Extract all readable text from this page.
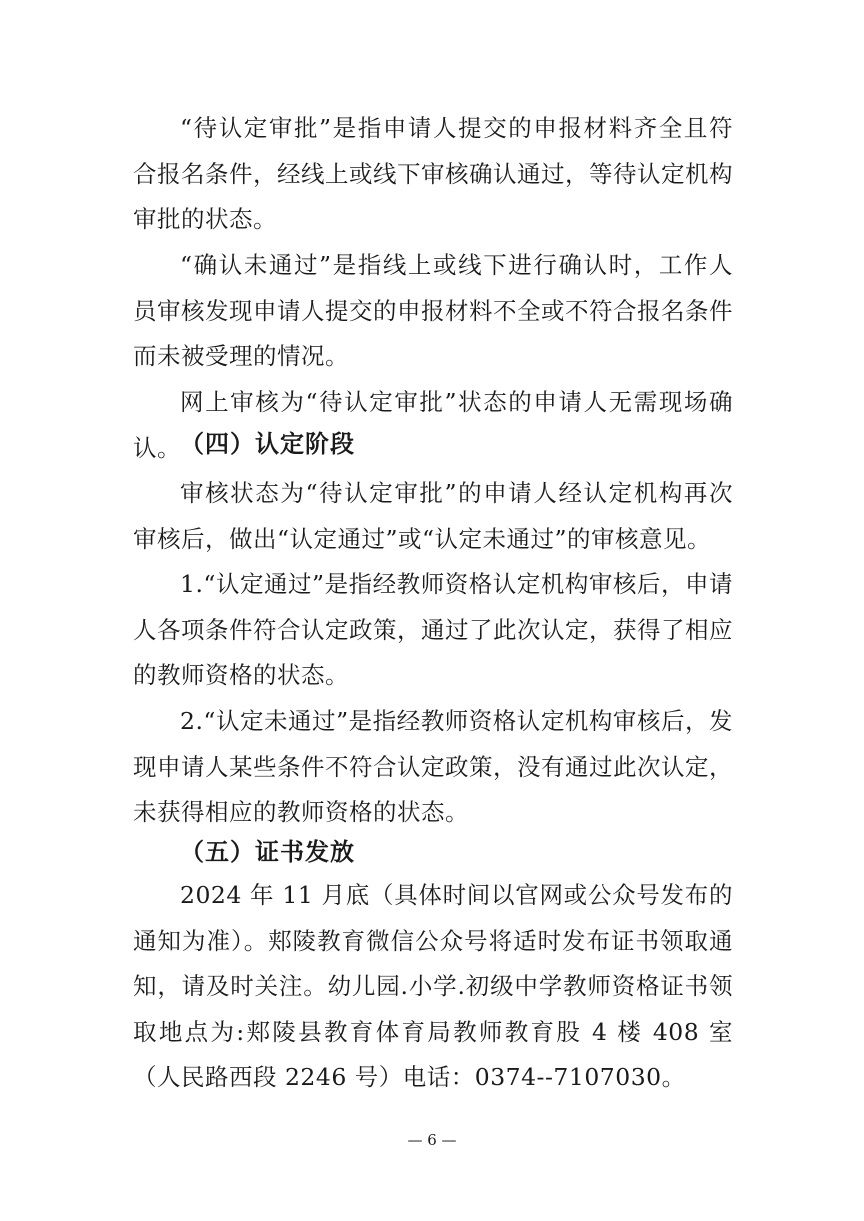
“待认定审批”是指申请人提交的申报材料齐全且符合报名条件，经线上或线下审核确认通过，等待认定机构审批的状态。

“确认未通过”是指线上或线下进行确认时，工作人员审核发现申请人提交的申报材料不全或不符合报名条件而未被受理的情况。

网上审核为“待认定审批”状态的申请人无需现场确认。 （四）认定阶段

审核状态为“待认定审批”的申请人经认定机构再次审核后，做出“认定通过”或“认定未通过”的审核意见。

1.“认定通过”是指经教师资格认定机构审核后，申请人各项条件符合认定政策，通过了此次认定，获得了相应的教师资格的状态。

2.“认定未通过”是指经教师资格认定机构审核后，发现申请人某些条件不符合认定政策，没有通过此次认定，未获得相应的教师资格的状态。

（五）证书发放

2024 年 11 月底（具体时间以官网或公众号发布的通知为准）。郏陵教育微信公众号将适时发布证书领取通知，请及时关注。幼儿园.小学.初级中学教师资格证书领取地点为:郏陵县教育体育局教师教育股 4 楼 408 室（人民路西段 2246 号）电话：0374--7107030。

— 6 —
